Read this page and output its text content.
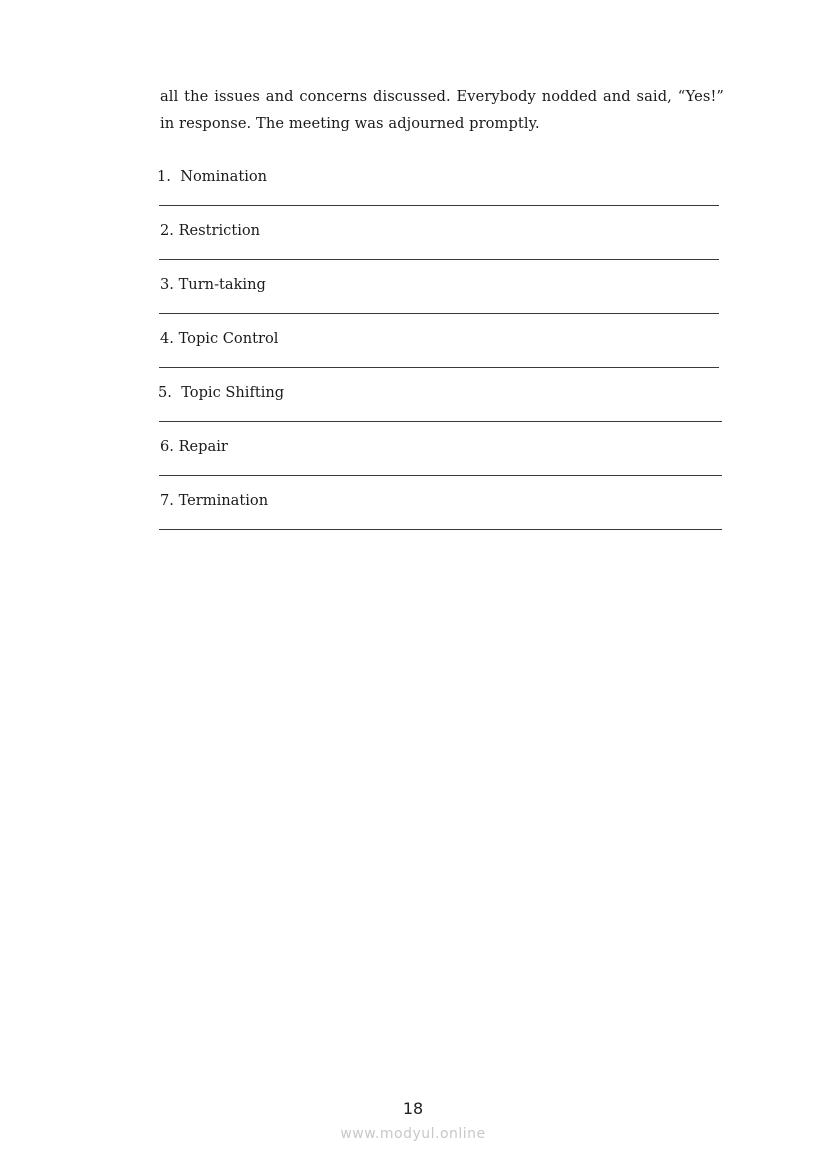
all the issues and concerns discussed. Everybody nodded and said, “Yes!”
in response. The meeting was adjourned promptly.
1.  Nomination
2. Restriction
3. Turn-taking
4. Topic Control
5.  Topic Shifting
6. Repair
7. Termination
18
www.modyul.online
